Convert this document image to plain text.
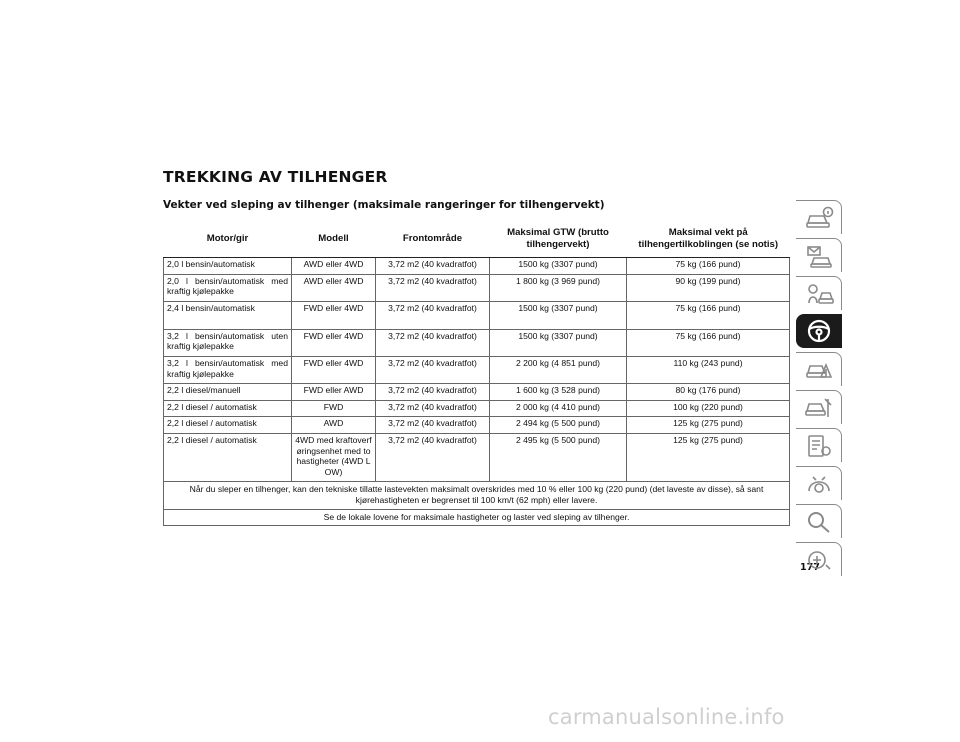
TREKKING AV TILHENGER
Vekter ved sleping av tilhenger (maksimale rangeringer for tilhengervekt)
Motor/gir	Modell	Frontområde	Maksimal GTW (brutto tilhengervekt)	Maksimal vekt på tilhengertilkoblingen (se notis)
2,0 l bensin/automatisk	AWD eller 4WD	3,72 m2 (40 kvadratfot)	1500 kg (3307 pund)	75 kg (166 pund)
2,0 l bensin/automatisk med kraftig kjølepakke	AWD eller 4WD	3,72 m2 (40 kvadratfot)	1 800 kg (3 969 pund)	90 kg (199 pund)
2,4 l bensin/automatisk	FWD eller 4WD	3,72 m2 (40 kvadratfot)	1500 kg (3307 pund)	75 kg (166 pund)
3,2 l bensin/automatisk uten kraftig kjølepakke	FWD eller 4WD	3,72 m2 (40 kvadratfot)	1500 kg (3307 pund)	75 kg (166 pund)
3,2 l bensin/automatisk med kraftig kjølepakke	FWD eller 4WD	3,72 m2 (40 kvadratfot)	2 200 kg (4 851 pund)	110 kg (243 pund)
2,2 l diesel/manuell	FWD eller AWD	3,72 m2 (40 kvadratfot)	1 600 kg (3 528 pund)	80 kg (176 pund)
2,2 l diesel / automatisk	FWD	3,72 m2 (40 kvadratfot)	2 000 kg (4 410 pund)	100 kg (220 pund)
2,2 l diesel / automatisk	AWD	3,72 m2 (40 kvadratfot)	2 494 kg (5 500 pund)	125 kg (275 pund)
2,2 l diesel / automatisk	4WD med kraftoverføringsenhet med to hastigheter (4WD LOW)	3,72 m2 (40 kvadratfot)	2 495 kg (5 500 pund)	125 kg (275 pund)
Når du sleper en tilhenger, kan den tekniske tillatte lastevekten maksimalt overskrides med 10 % eller 100 kg (220 pund) (det laveste av disse), så sant kjørehastigheten er begrenset til 100 km/t (62 mph) eller lavere.				
Se de lokale lovene for maksimale hastigheter og laster ved sleping av tilhenger.				
177
carmanualsonline.info
